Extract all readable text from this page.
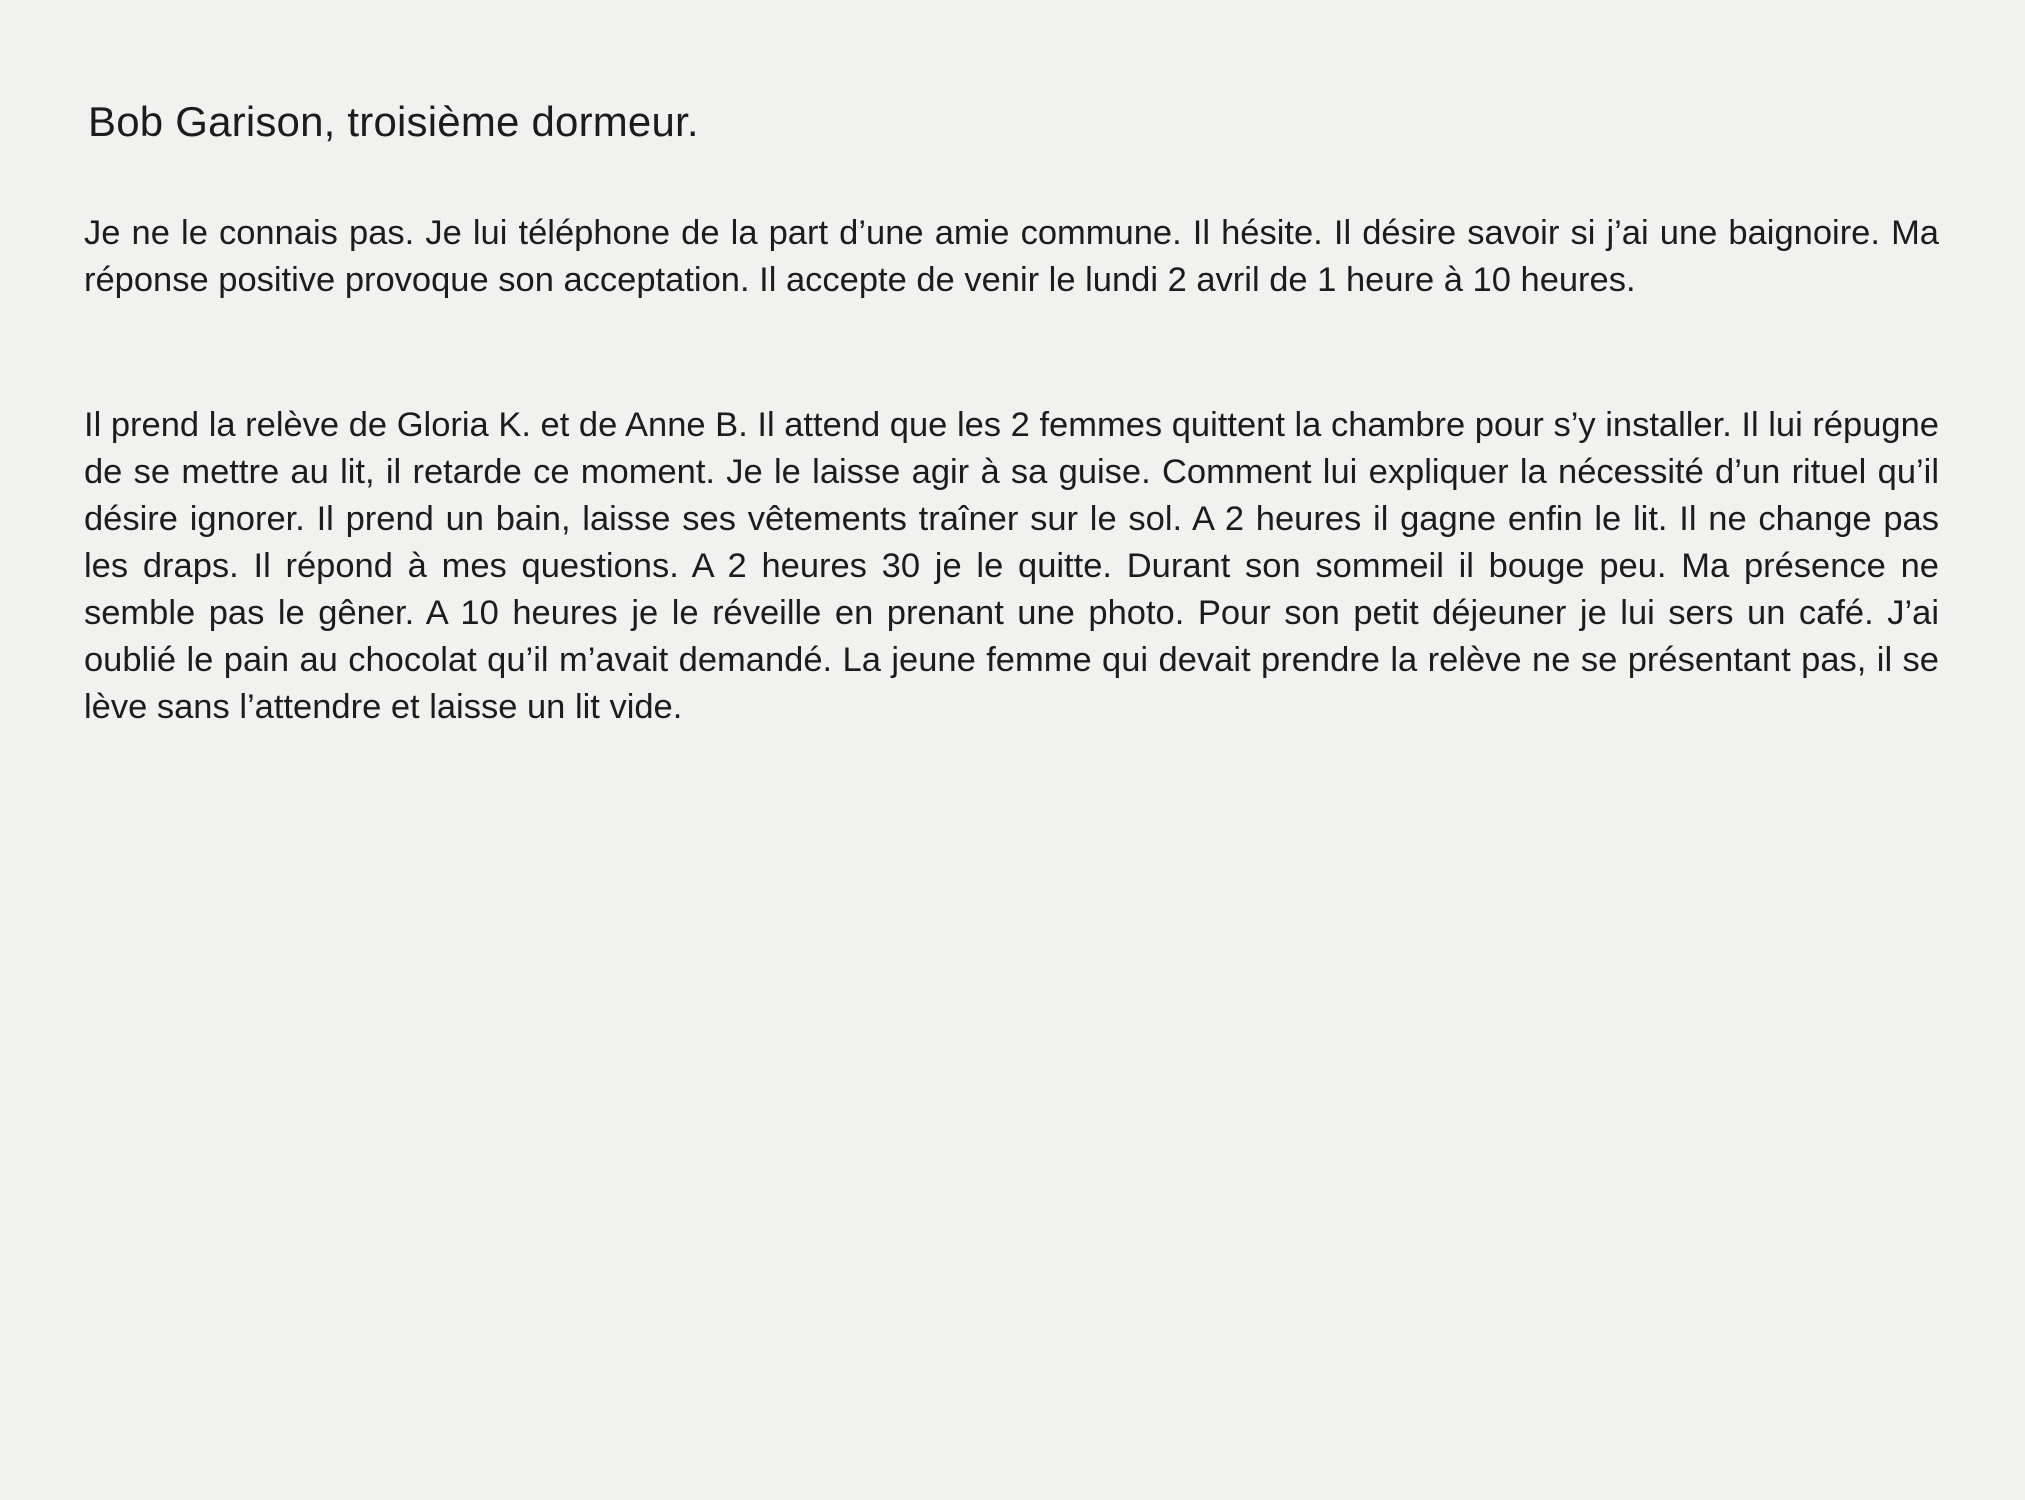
Bob Garison, troisième dormeur.

Je ne le connais pas. Je lui téléphone de la part d’une amie commune. Il hésite. Il désire savoir si j’ai une baignoire. Ma réponse positive provoque son acceptation. Il accepte de venir le lundi 2 avril de 1 heure à 10 heures.

Il prend la relève de Gloria K. et de Anne B. Il attend que les 2 femmes quittent la chambre pour s’y installer. Il lui répugne de se mettre au lit, il retarde ce moment. Je le laisse agir à sa guise. Comment lui expliquer la nécessité d’un rituel qu’il désire ignorer. Il prend un bain, laisse ses vêtements traîner sur le sol. A 2 heures il gagne enfin le lit. Il ne change pas les draps. Il répond à mes questions. A 2 heures 30 je le quitte. Durant son sommeil il bouge peu. Ma présence ne semble pas le gêner. A 10 heures je le réveille en prenant une photo. Pour son petit déjeuner je lui sers un café. J’ai oublié le pain au chocolat qu’il m’avait demandé. La jeune femme qui devait prendre la relève ne se présentant pas, il se lève sans l’attendre et laisse un lit vide.
